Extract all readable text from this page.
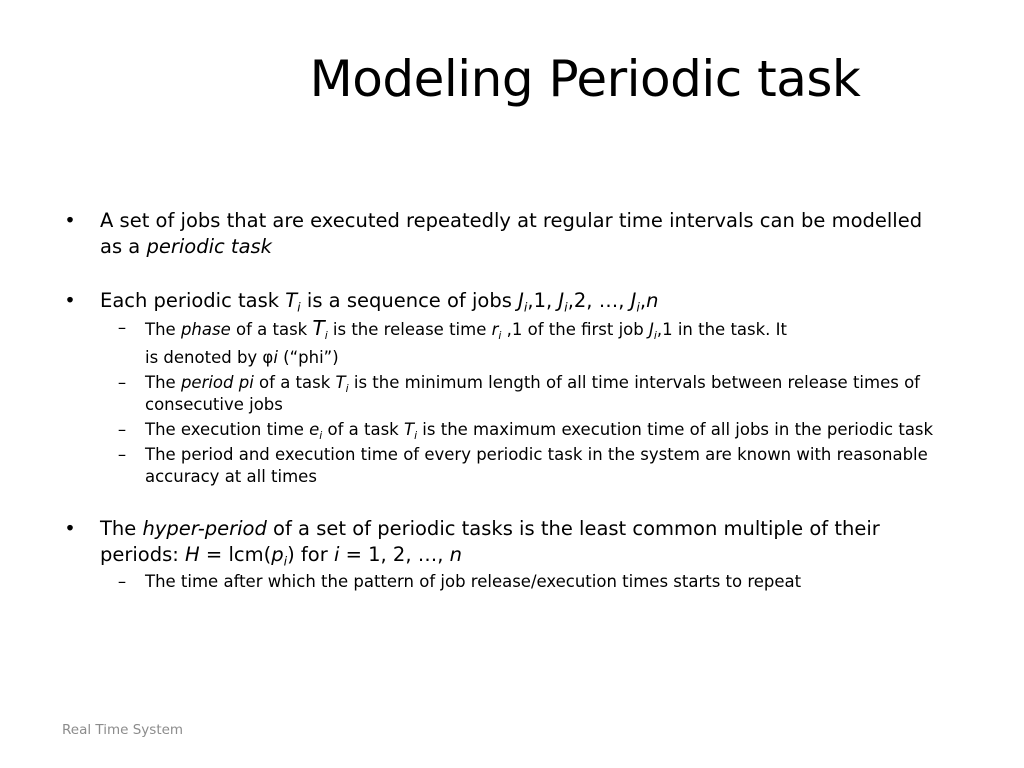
Modeling Periodic task
• A set of jobs that are executed repeatedly at regular time intervals can be modelled as a periodic task
• Each periodic task $T_i$ is a sequence of jobs $J_i,1$, $J_i,2$, …, $J_i,n$
–	The phase of a task $T_i$ is the release time $r_i$ ,1 of the first job $J_i,1$ in the task. It
is denoted by φi (“phi”)
–	The period pi of a task $T_i$ is the minimum length of all time intervals between release times of consecutive jobs
–	The execution time $e_i$ of a task $T_i$ is the maximum execution time of all jobs in the periodic task
–	The period and execution time of every periodic task in the system are known with reasonable accuracy at all times
• The hyper-period of a set of periodic tasks is the least common multiple of their periods: $H = lcm(p_i)$ for i = 1, 2, …, n
–	The time after which the pattern of job release/execution times starts to repeat
Real Time System
